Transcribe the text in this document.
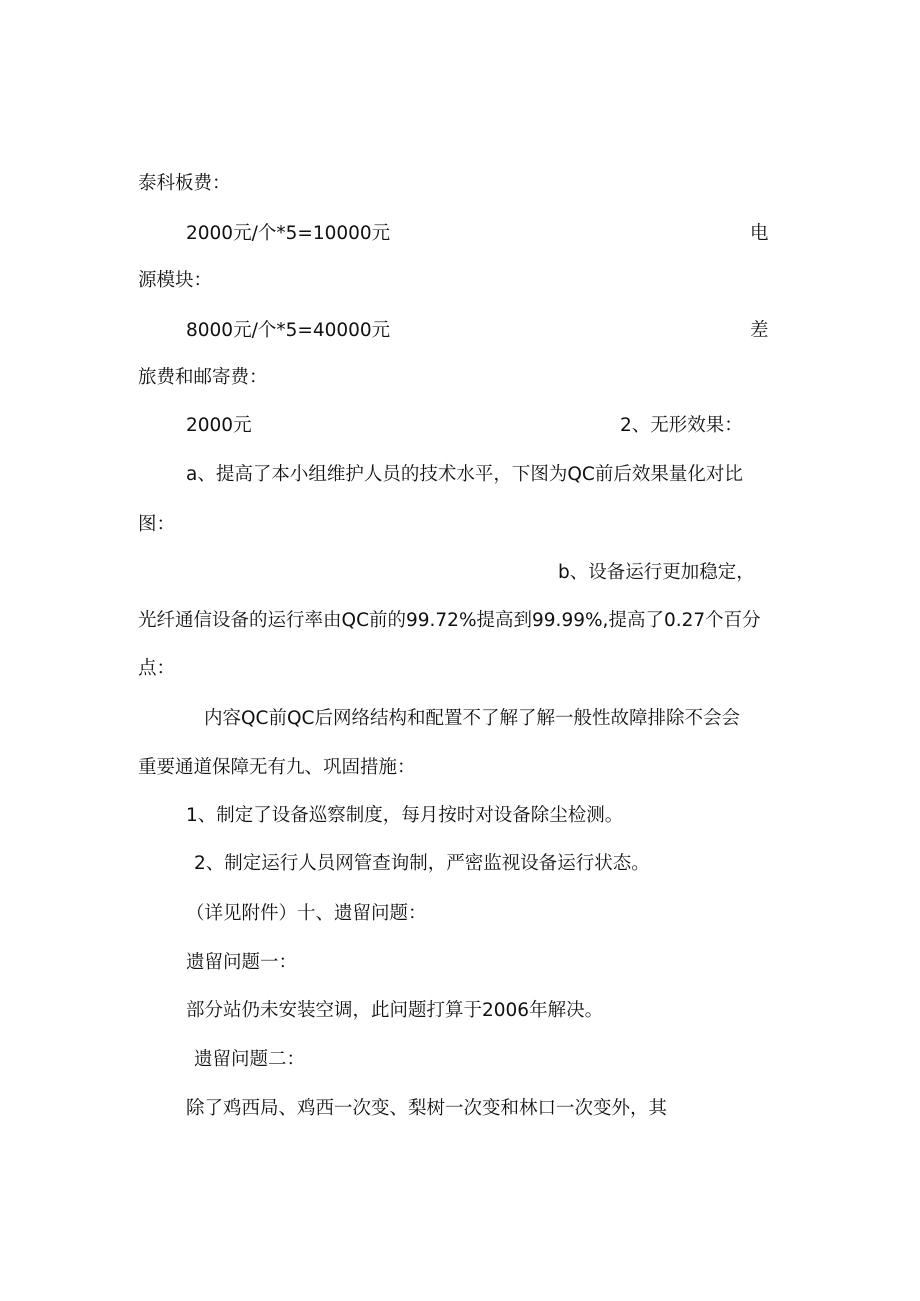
泰科板费：
2000元/个*5=10000元	电
源模块：
8000元/个*5=40000元	差
旅费和邮寄费：
2000元	2、无形效果：
a、提高了本小组维护人员的技术水平，下图为QC前后效果量化对比
图：
b、设备运行更加稳定，
光纤通信设备的运行率由QC前的99.72%提高到99.99%,提高了0.27个百分
点：
内容QC前QC后网络结构和配置不了解了解一般性故障排除不会会
重要通道保障无有九、巩固措施：
1、制定了设备巡察制度，每月按时对设备除尘检测。
2、制定运行人员网管查询制，严密监视设备运行状态。
（详见附件）十、遗留问题：
遗留问题一：
部分站仍未安装空调，此问题打算于2006年解决。
遗留问题二：
除了鸡西局、鸡西一次变、梨树一次变和林口一次变外，其
